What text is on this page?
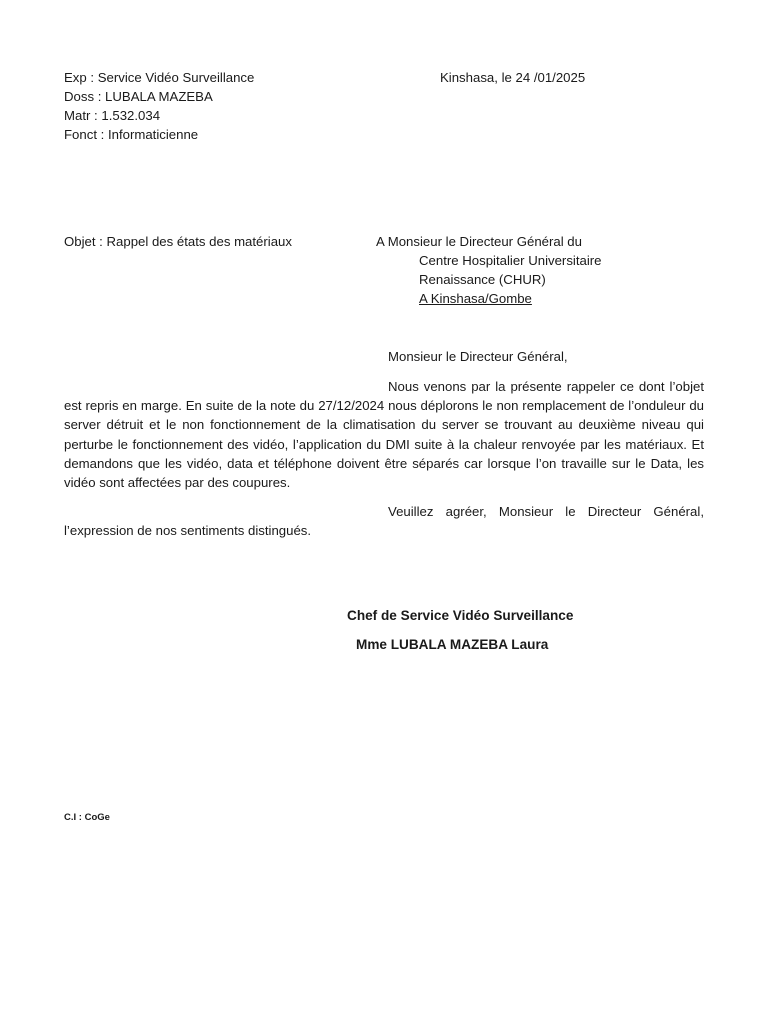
Exp : Service Vidéo Surveillance
Doss : LUBALA MAZEBA
Matr : 1.532.034
Fonct : Informaticienne
Kinshasa, le 24 /01/2025
Objet : Rappel des états des matériaux	A Monsieur le Directeur Général du
Centre Hospitalier Universitaire
Renaissance (CHUR)
A Kinshasa/Gombe
Monsieur le Directeur Général,
Nous venons par la présente rappeler ce dont l’objet est repris en marge. En suite de la note du 27/12/2024 nous déplorons le non remplacement de l’onduleur du server détruit et le non fonctionnement de la climatisation du server se trouvant au deuxième niveau qui perturbe le fonctionnement des vidéo, l’application du DMI suite à la chaleur renvoyée par les matériaux. Et demandons que les vidéo, data et téléphone doivent être séparés car lorsque l’on travaille sur le Data, les vidéo sont affectées par des coupures.
Veuillez agréer, Monsieur le Directeur Général, l’expression de nos sentiments distingués.
Chef de Service Vidéo Surveillance
Mme LUBALA MAZEBA Laura
C.I : CoGe
